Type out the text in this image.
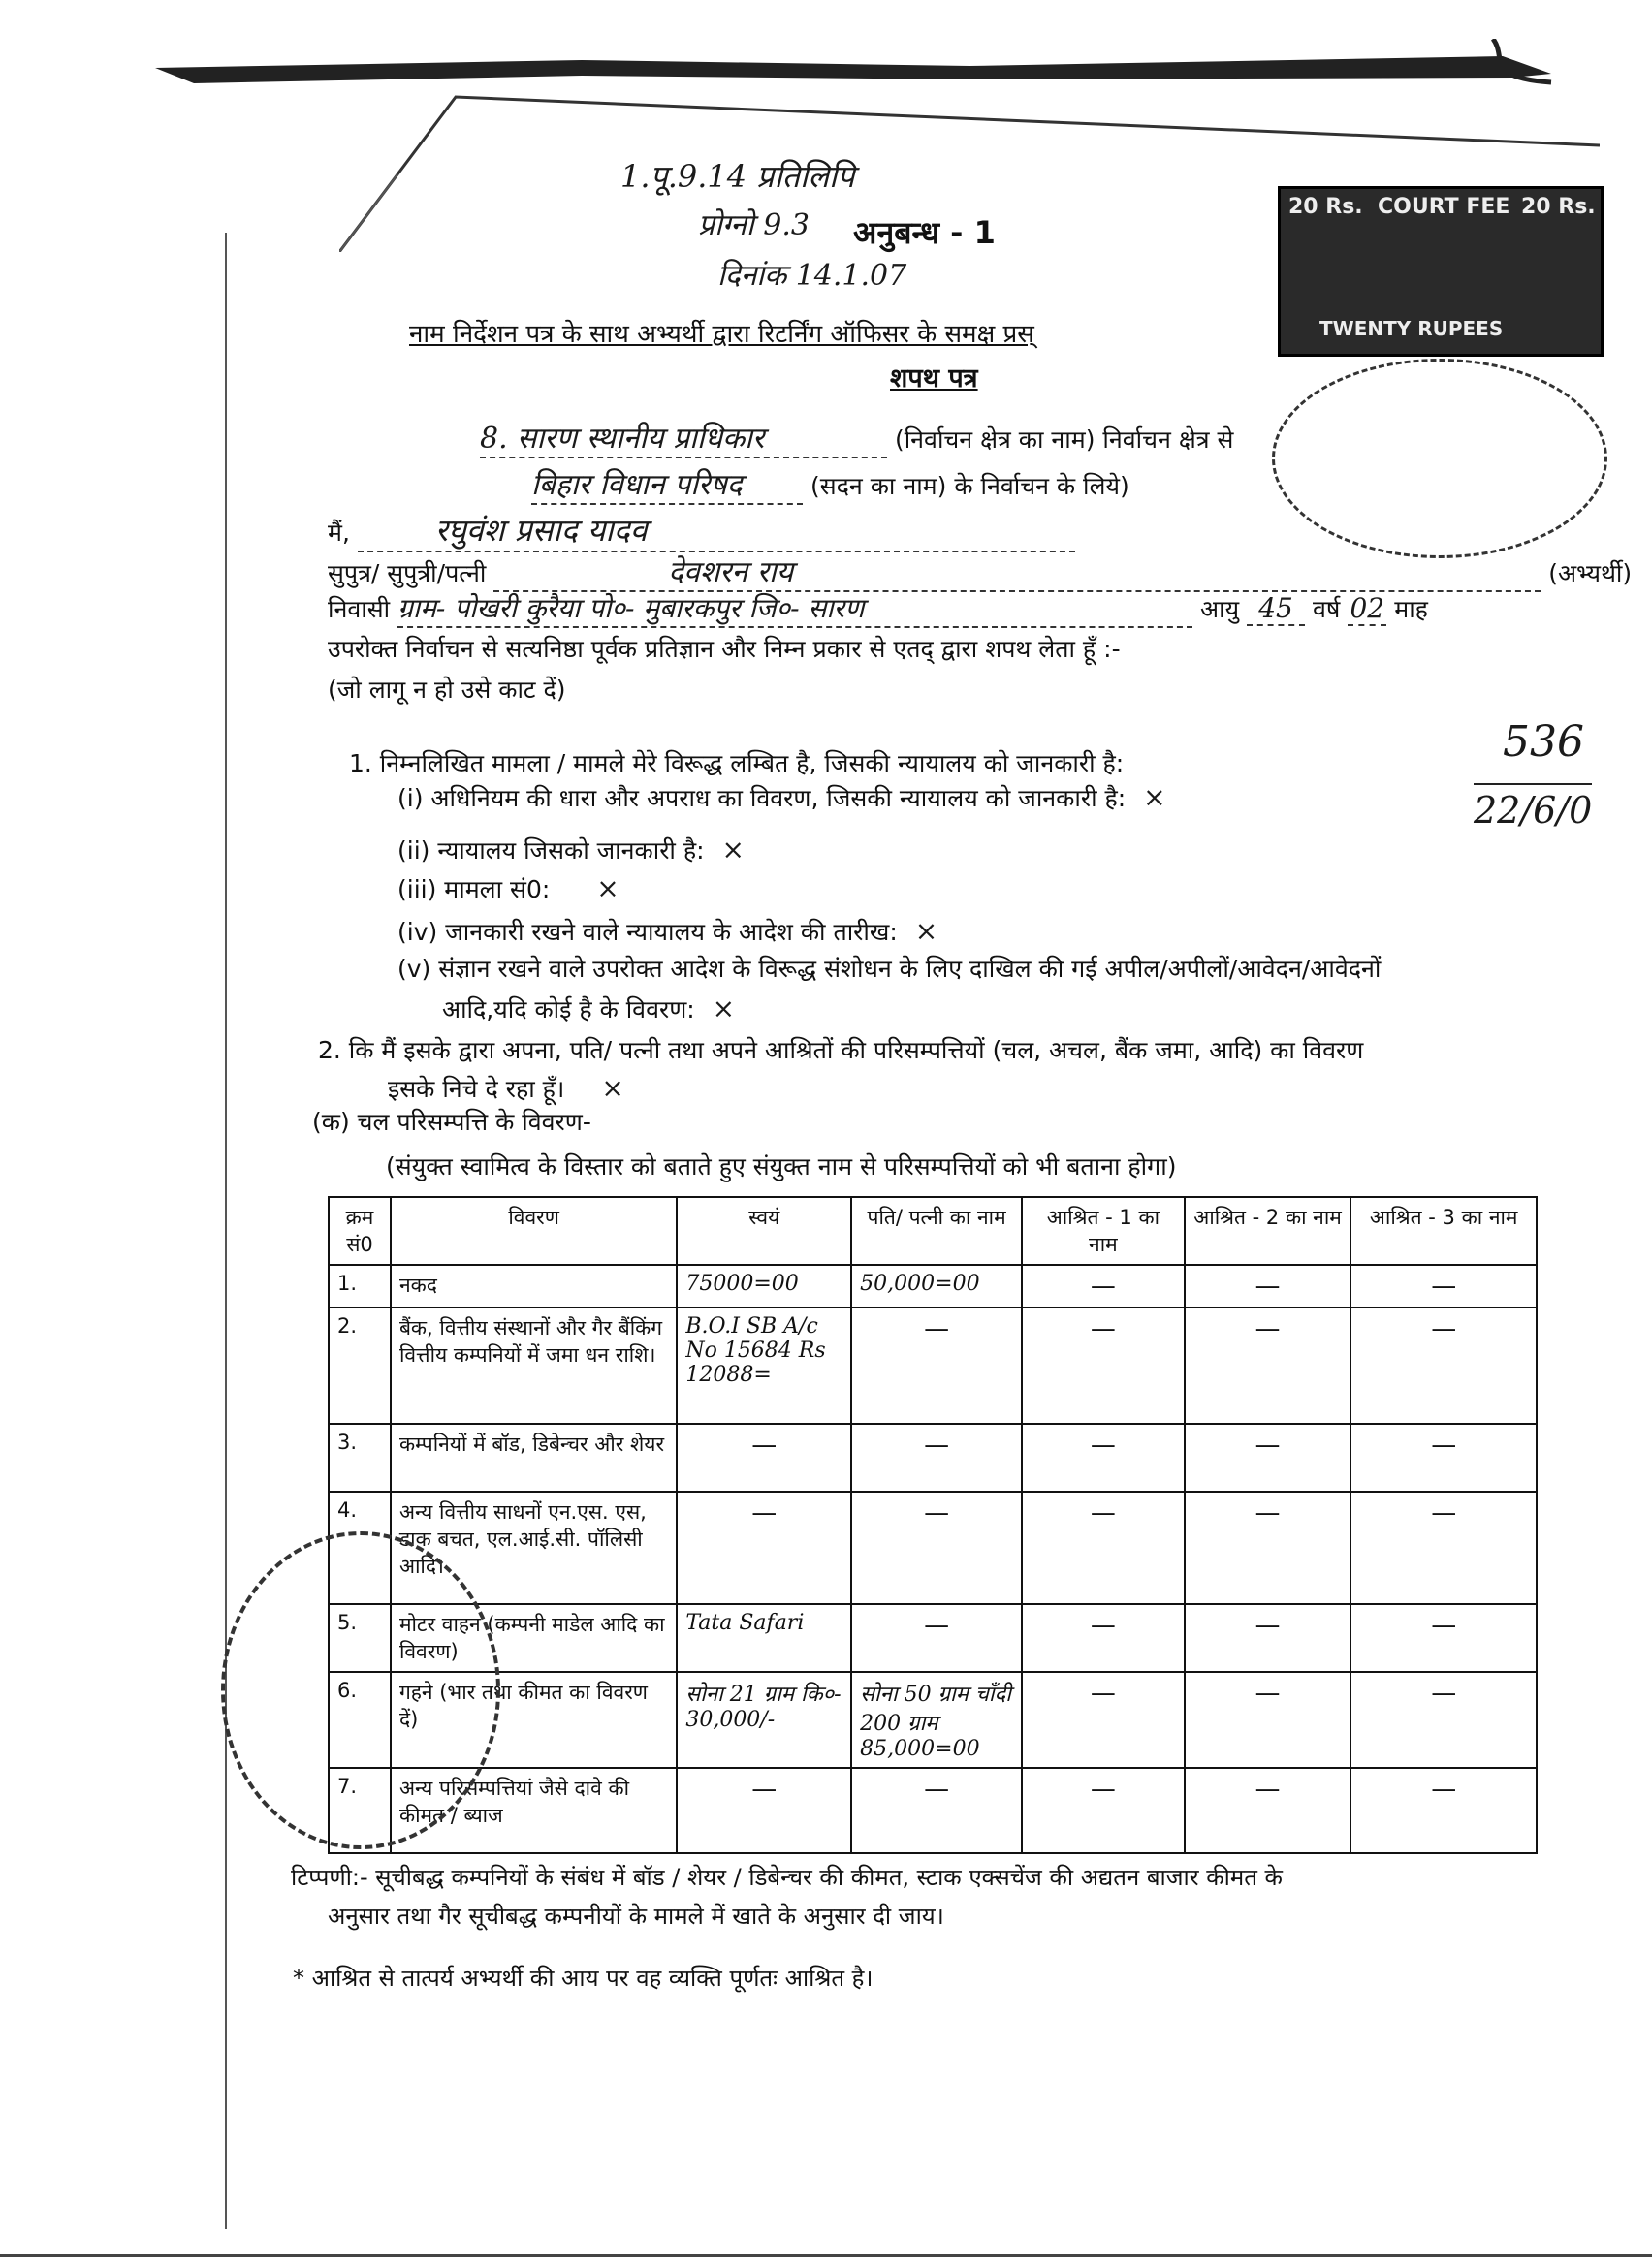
1.पू.9.14 प्रतिलिपि
प्रोग्नो 9.3 अनुबन्ध - 1
दिनांक 14.1.07
नाम निर्देशन पत्र के साथ अभ्यर्थी द्वारा रिटर्निंग ऑफिसर के समक्ष प्रस्
शपथ पत्र
20 Rs. COURT FEE 20 Rs.
TWENTY RUPEES
8. सारण स्थानीय प्राधिकार	(निर्वाचन क्षेत्र का नाम) निर्वाचन क्षेत्र से
बिहार विधान परिषद	(सदन का नाम) के निर्वाचन के लिये)
मैं,	रघुवंश प्रसाद यादव
सुपुत्र/ सुपुत्री/पत्नी	देवशरन राय	(अभ्यर्थी)
निवासी ग्राम- पोखरी कुरैया पो०- मुबारकपुर जि०- सारण	आयु 45 वर्ष 02 माह
उपरोक्त निर्वाचन से सत्यनिष्ठा पूर्वक प्रतिज्ञान और निम्न प्रकार से एतद् द्वारा शपथ लेता हूँ :-
(जो लागू न हो उसे काट दें)
536
22/6/0
1. निम्नलिखित मामला / मामले मेरे विरूद्ध लम्बित है, जिसकी न्यायालय को जानकारी है:
(i) अधिनियम की धारा और अपराध का विवरण, जिसकी न्यायालय को जानकारी है: ×
(ii) न्यायालय जिसको जानकारी है: ×
(iii) मामला सं0: ×
(iv) जानकारी रखने वाले न्यायालय के आदेश की तारीख: ×
(v) संज्ञान रखने वाले उपरोक्त आदेश के विरूद्ध संशोधन के लिए दाखिल की गई अपील/अपीलों/आवेदन/आवेदनों
आदि,यदि कोई है के विवरण: ×
2. कि मैं इसके द्वारा अपना, पति/ पत्नी तथा अपने आश्रितों की परिसम्पत्तियों (चल, अचल, बैंक जमा, आदि) का विवरण
इसके निचे दे रहा हूँ। ×
(क) चल परिसम्पत्ति के विवरण-
(संयुक्त स्वामित्व के विस्तार को बताते हुए संयुक्त नाम से परिसम्पत्तियों को भी बताना होगा)
क्रम सं0	विवरण	स्वयं	पति/ पत्नी का नाम	आश्रित - 1 का नाम	आश्रित - 2 का नाम	आश्रित - 3 का नाम
1.	नकद	75000=00	50,000=00	—	—	—
2.	बैंक, वित्तीय संस्थानों और गैर बैंकिंग वित्तीय कम्पनियों में जमा धन राशि।	B.O.I SB A/c No 15684 Rs 12088=	—	—	—	—
3.	कम्पनियों में बॉड, डिबेन्चर और शेयर	—	—	—	—	—
4.	अन्य वित्तीय साधनों एन.एस. एस, डाक बचत, एल.आई.सी. पॉलिसी आदि।	—	—	—	—	—
5.	मोटर वाहन (कम्पनी माडेल आदि का विवरण)	Tata Safari	—	—	—	—
6.	गहने (भार तथा कीमत का विवरण दें)	सोना 21 ग्राम कि०- 30,000/-	सोना 50 ग्राम चाँदी 200 ग्राम 85,000=00	—	—	—
7.	अन्य परिसम्पत्तियां जैसे दावे की कीमत / ब्याज	—	—	—	—	—
टिप्पणी:- सूचीबद्ध कम्पनियों के संबंध में बॉड / शेयर / डिबेन्चर की कीमत, स्टाक एक्सचेंज की अद्यतन बाजार कीमत के
अनुसार तथा गैर सूचीबद्ध कम्पनीयों के मामले में खाते के अनुसार दी जाय।
* आश्रित से तात्पर्य अभ्यर्थी की आय पर वह व्यक्ति पूर्णतः आश्रित है।
